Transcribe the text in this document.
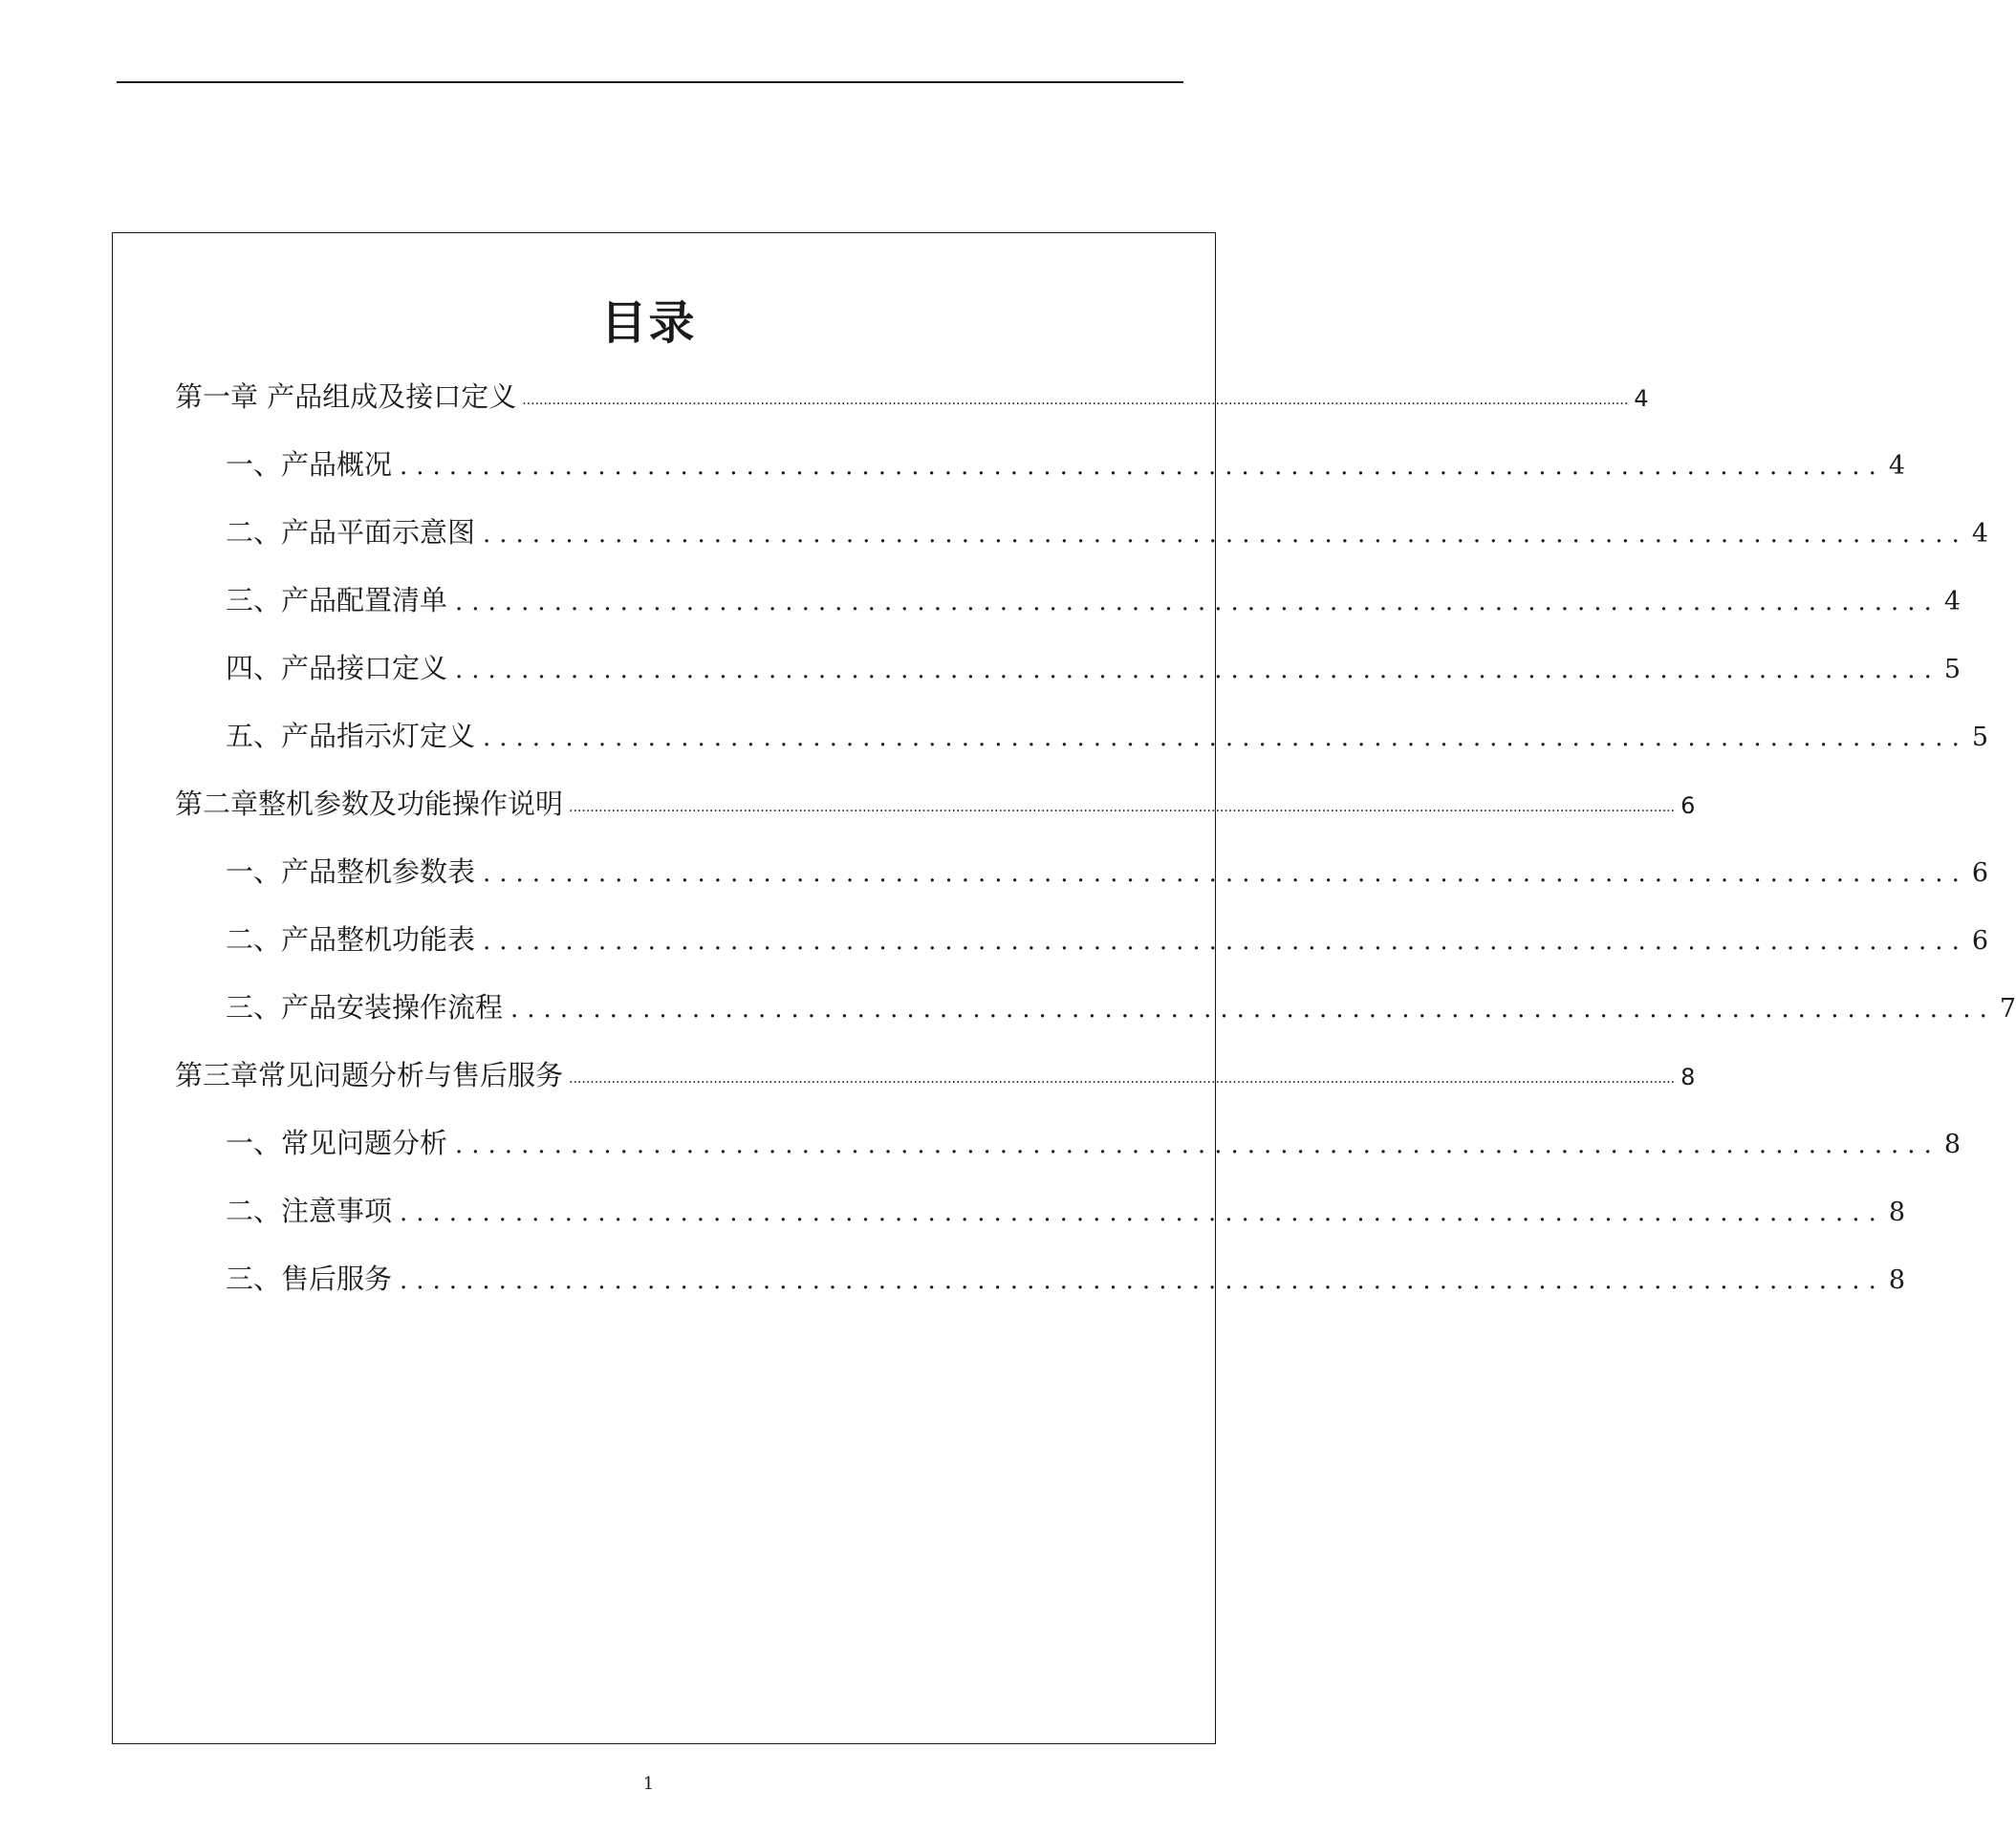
目录
第一章 产品组成及接口定义 .................................................................................................................................................................................................................................................................... 4
一、产品概况 .......................................................................................... 4
二、产品平面示意图 .......................................................................................... 4
三、产品配置清单 .......................................................................................... 4
四、产品接口定义 .......................................................................................... 5
五、产品指示灯定义 .......................................................................................... 5
第二章整机参数及功能操作说明 .................................................................................................................................................................................................................................................................... 6
一、产品整机参数表 .......................................................................................... 6
二、产品整机功能表 .......................................................................................... 6
三、产品安装操作流程 .......................................................................................... 7
第三章常见问题分析与售后服务 .................................................................................................................................................................................................................................................................... 8
一、常见问题分析 .......................................................................................... 8
二、注意事项 .......................................................................................... 8
三、售后服务 .......................................................................................... 8
1
